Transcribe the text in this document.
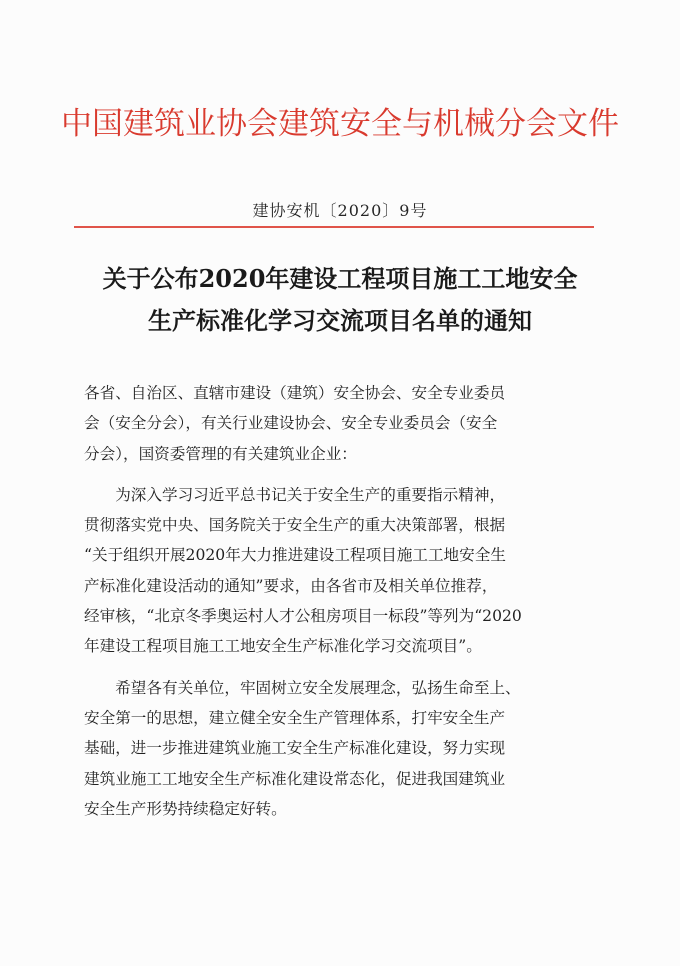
中国建筑业协会建筑安全与机械分会文件
建协安机〔2020〕9号
关于公布2020年建设工程项目施工工地安全
生产标准化学习交流项目名单的通知
各省、自治区、直辖市建设（建筑）安全协会、安全专业委员
会（安全分会），有关行业建设协会、安全专业委员会（安全
分会），国资委管理的有关建筑业企业：
　　为深入学习习近平总书记关于安全生产的重要指示精神，
贯彻落实党中央、国务院关于安全生产的重大决策部署，根据
“关于组织开展2020年大力推进建设工程项目施工工地安全生
产标准化建设活动的通知”要求，由各省市及相关单位推荐，
经审核，“北京冬季奥运村人才公租房项目一标段”等列为“2020
年建设工程项目施工工地安全生产标准化学习交流项目”。
　　希望各有关单位，牢固树立安全发展理念，弘扬生命至上、
安全第一的思想，建立健全安全生产管理体系，打牢安全生产
基础，进一步推进建筑业施工安全生产标准化建设，努力实现
建筑业施工工地安全生产标准化建设常态化，促进我国建筑业
安全生产形势持续稳定好转。
